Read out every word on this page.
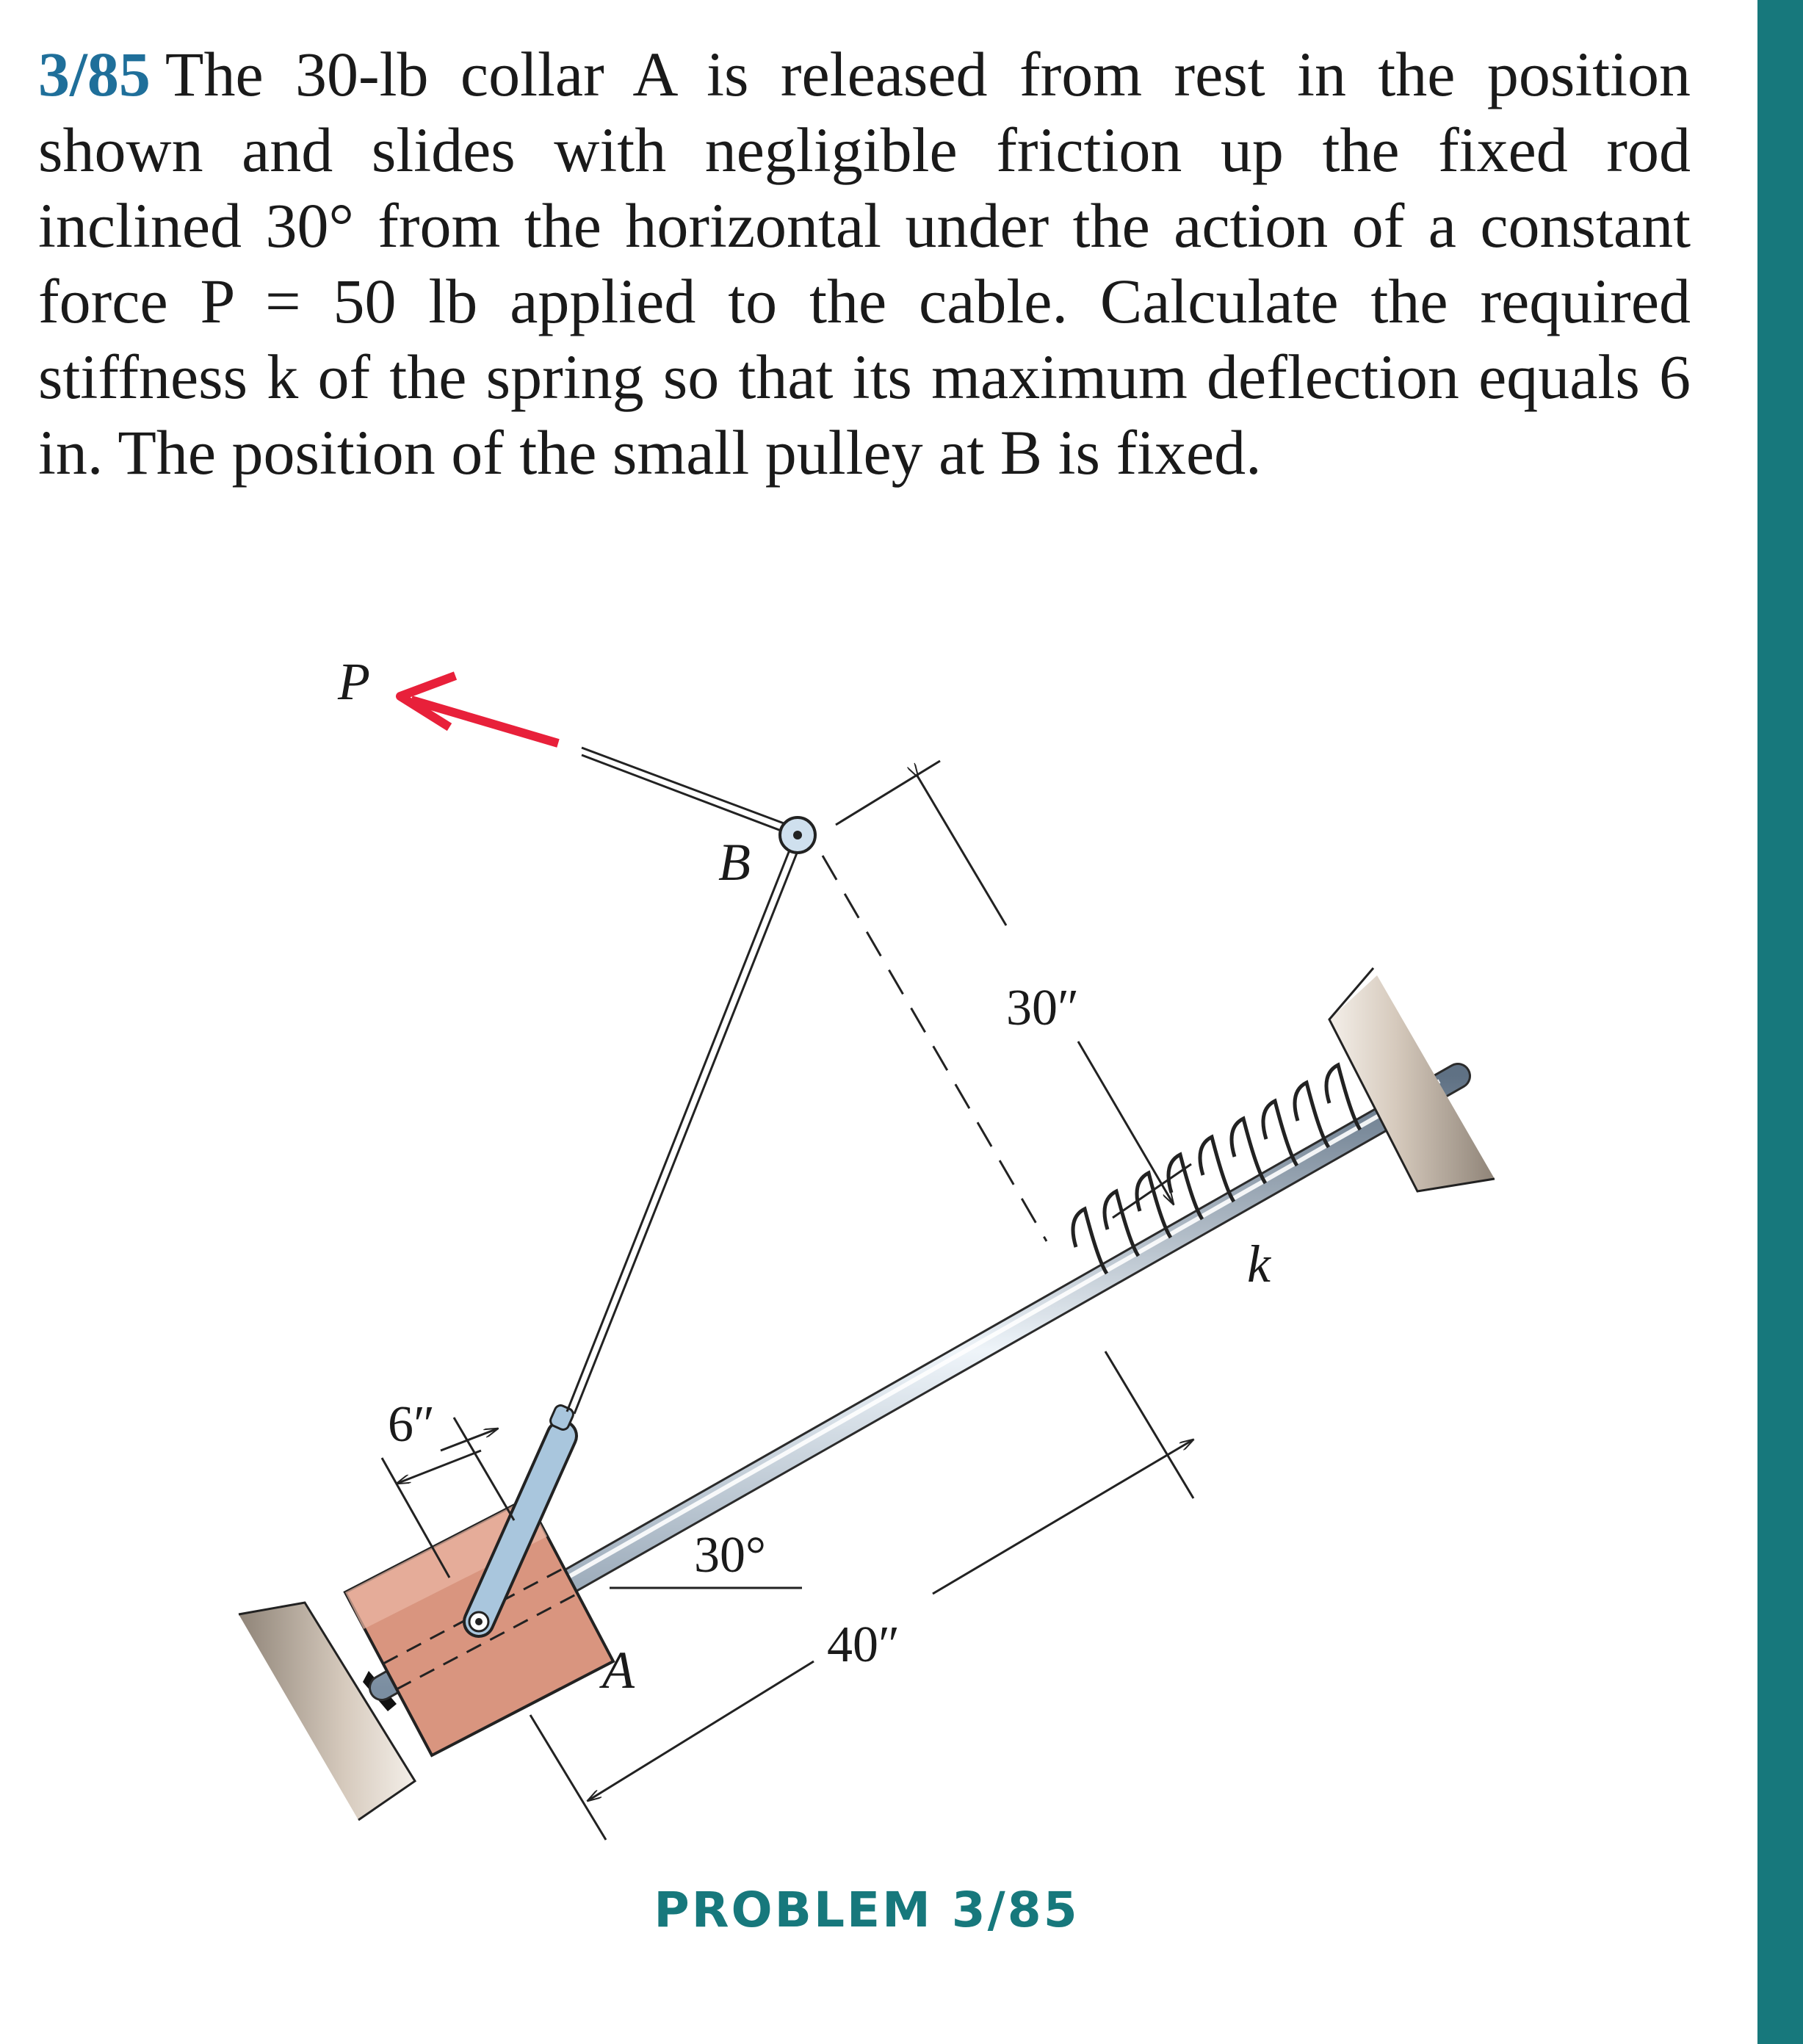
3/85 The 30-lb collar A is released from rest in the position shown and slides with negligible friction up the fixed rod inclined 30° from the horizontal under the action of a constant force P = 50 lb applied to the cable. Calculate the required stiffness k of the spring so that its maximum deflection equals 6 in. The position of the small pulley at B is fixed.
P
B
A
k
30″
6″
40″
30°
PROBLEM 3/85
